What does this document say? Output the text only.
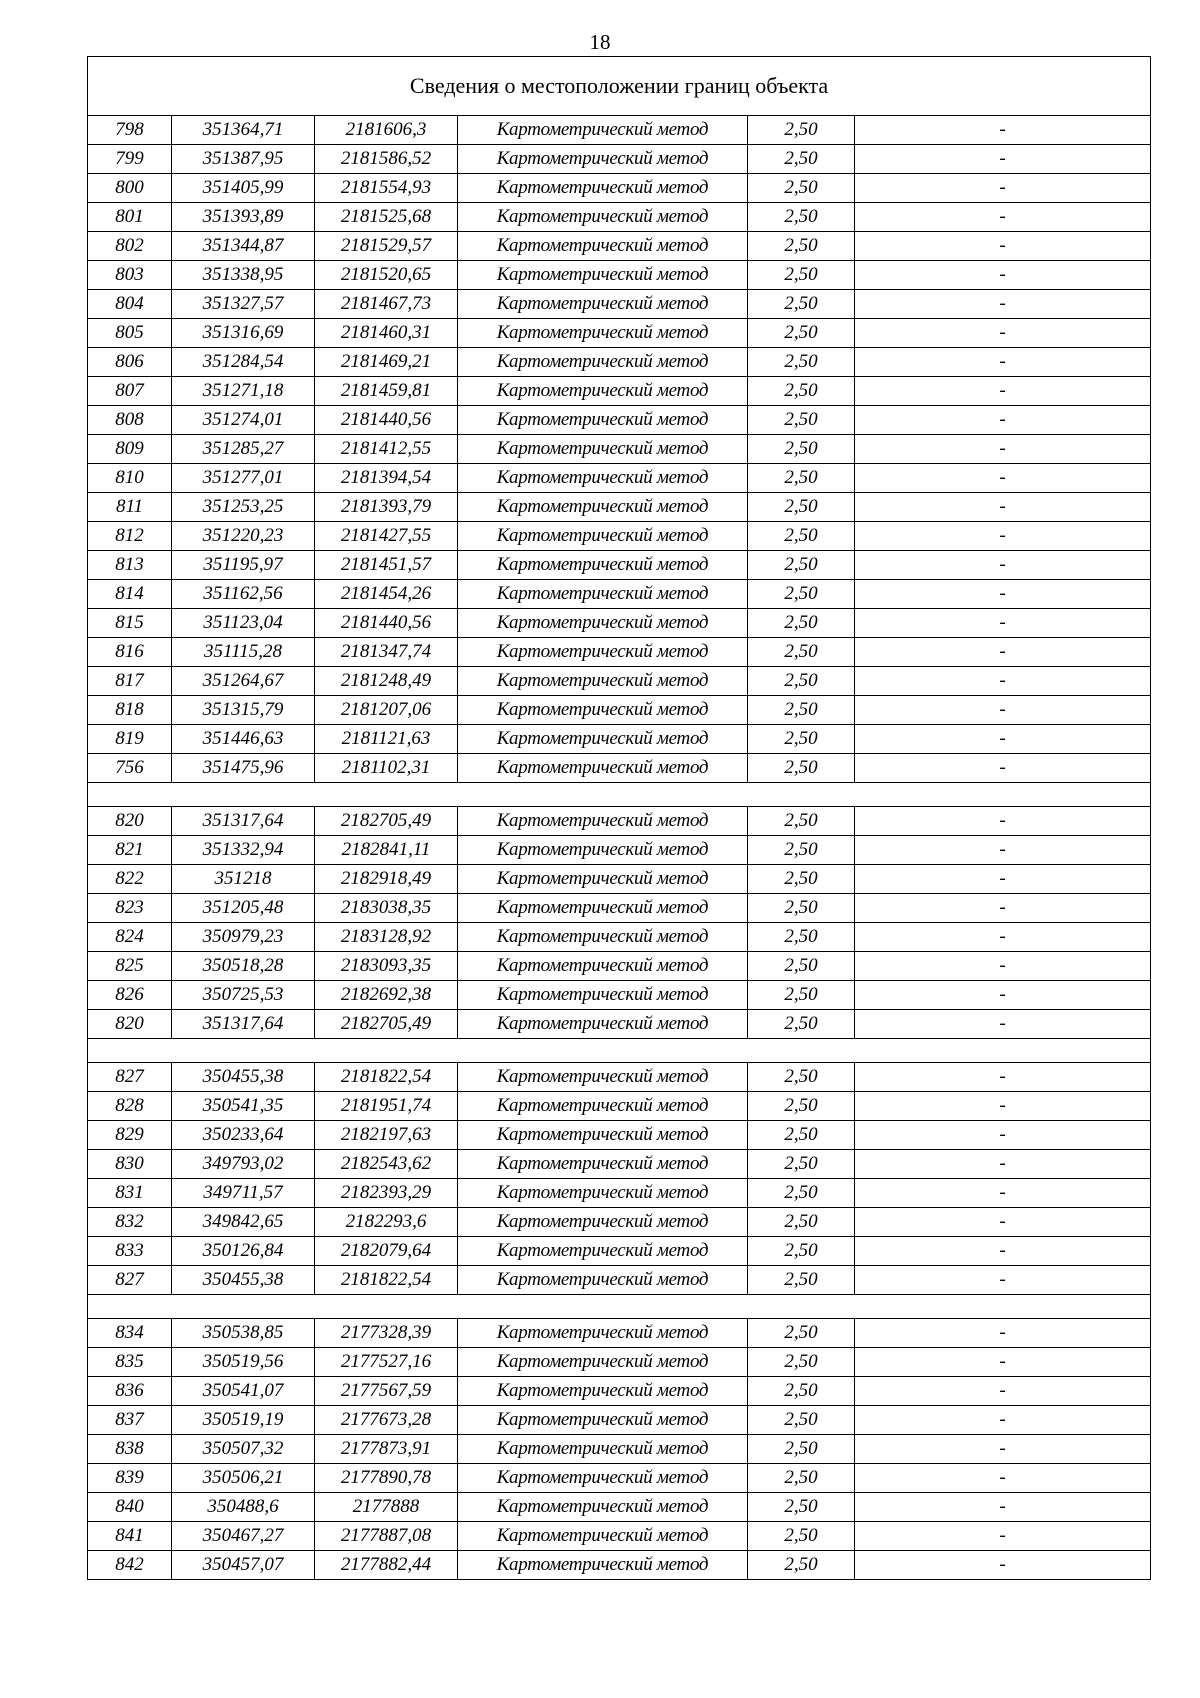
18
Сведения о местоположении границ объекта					
798	351364,71	2181606,3	Картометрический метод	2,50	-
799	351387,95	2181586,52	Картометрический метод	2,50	-
800	351405,99	2181554,93	Картометрический метод	2,50	-
801	351393,89	2181525,68	Картометрический метод	2,50	-
802	351344,87	2181529,57	Картометрический метод	2,50	-
803	351338,95	2181520,65	Картометрический метод	2,50	-
804	351327,57	2181467,73	Картометрический метод	2,50	-
805	351316,69	2181460,31	Картометрический метод	2,50	-
806	351284,54	2181469,21	Картометрический метод	2,50	-
807	351271,18	2181459,81	Картометрический метод	2,50	-
808	351274,01	2181440,56	Картометрический метод	2,50	-
809	351285,27	2181412,55	Картометрический метод	2,50	-
810	351277,01	2181394,54	Картометрический метод	2,50	-
811	351253,25	2181393,79	Картометрический метод	2,50	-
812	351220,23	2181427,55	Картометрический метод	2,50	-
813	351195,97	2181451,57	Картометрический метод	2,50	-
814	351162,56	2181454,26	Картометрический метод	2,50	-
815	351123,04	2181440,56	Картометрический метод	2,50	-
816	351115,28	2181347,74	Картометрический метод	2,50	-
817	351264,67	2181248,49	Картометрический метод	2,50	-
818	351315,79	2181207,06	Картометрический метод	2,50	-
819	351446,63	2181121,63	Картометрический метод	2,50	-
756	351475,96	2181102,31	Картометрический метод	2,50	-

820	351317,64	2182705,49	Картометрический метод	2,50	-
821	351332,94	2182841,11	Картометрический метод	2,50	-
822	351218	2182918,49	Картометрический метод	2,50	-
823	351205,48	2183038,35	Картометрический метод	2,50	-
824	350979,23	2183128,92	Картометрический метод	2,50	-
825	350518,28	2183093,35	Картометрический метод	2,50	-
826	350725,53	2182692,38	Картометрический метод	2,50	-
820	351317,64	2182705,49	Картометрический метод	2,50	-

827	350455,38	2181822,54	Картометрический метод	2,50	-
828	350541,35	2181951,74	Картометрический метод	2,50	-
829	350233,64	2182197,63	Картометрический метод	2,50	-
830	349793,02	2182543,62	Картометрический метод	2,50	-
831	349711,57	2182393,29	Картометрический метод	2,50	-
832	349842,65	2182293,6	Картометрический метод	2,50	-
833	350126,84	2182079,64	Картометрический метод	2,50	-
827	350455,38	2181822,54	Картометрический метод	2,50	-

834	350538,85	2177328,39	Картометрический метод	2,50	-
835	350519,56	2177527,16	Картометрический метод	2,50	-
836	350541,07	2177567,59	Картометрический метод	2,50	-
837	350519,19	2177673,28	Картометрический метод	2,50	-
838	350507,32	2177873,91	Картометрический метод	2,50	-
839	350506,21	2177890,78	Картометрический метод	2,50	-
840	350488,6	2177888	Картометрический метод	2,50	-
841	350467,27	2177887,08	Картометрический метод	2,50	-
842	350457,07	2177882,44	Картометрический метод	2,50	-
